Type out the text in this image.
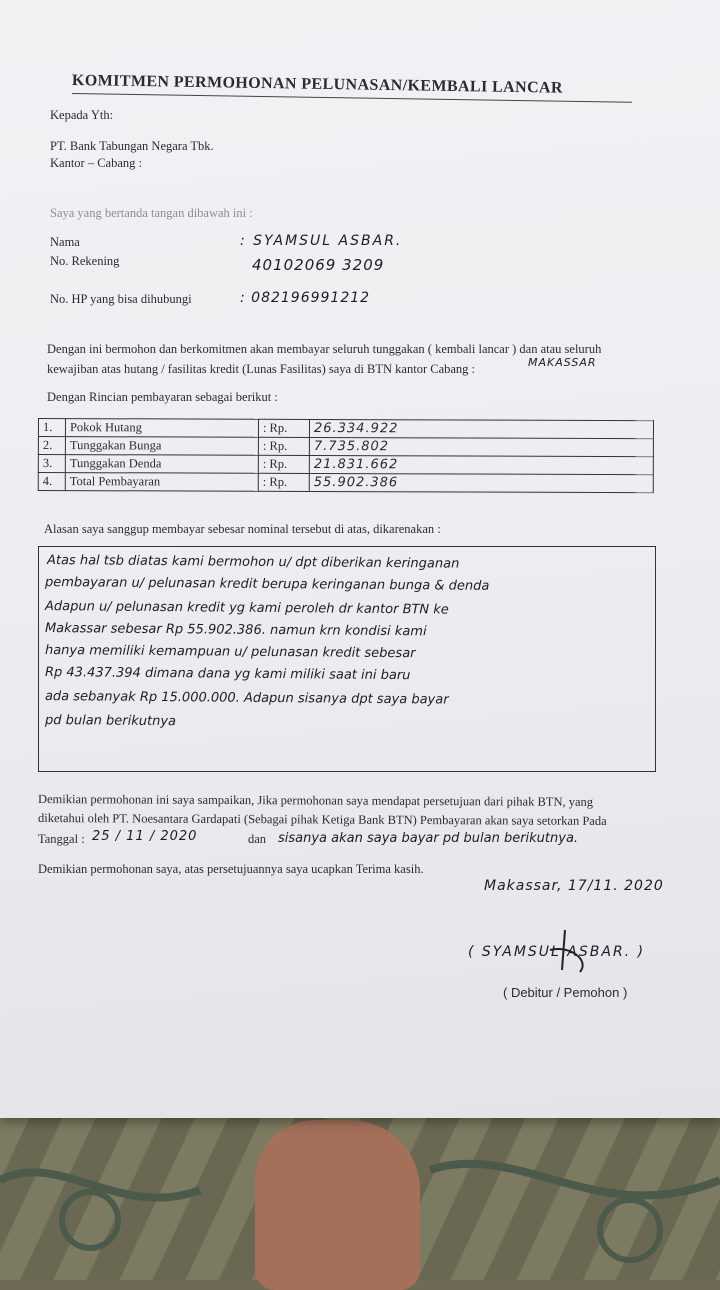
KOMITMEN PERMOHONAN PELUNASAN/KEMBALI LANCAR
Kepada Yth:
PT. Bank Tabungan Negara Tbk.
Kantor – Cabang :
Saya yang bertanda tangan dibawah ini :
Nama	: SYAMSUL ASBAR.
No. Rekening	40102069 3209
No. HP yang bisa dihubungi	: 082196991212
Dengan ini bermohon dan berkomitmen akan membayar seluruh tunggakan ( kembali lancar ) dan atau seluruh
kewajiban atas hutang / fasilitas kredit (Lunas Fasilitas) saya di BTN kantor Cabang :	MAKASSAR
Dengan Rincian pembayaran sebagai berikut :
1.	Pokok Hutang	: Rp.	26.334.922
2.	Tunggakan Bunga	: Rp.	7.735.802
3.	Tunggakan Denda	: Rp.	21.831.662
4.	Total Pembayaran	: Rp.	55.902.386
Alasan saya sanggup membayar sebesar nominal tersebut di atas, dikarenakan :
Atas hal tsb diatas kami bermohon u/ dpt diberikan keringanan
pembayaran u/ pelunasan kredit berupa keringanan bunga & denda
Adapun u/ pelunasan kredit yg kami peroleh dr kantor BTN ke
Makassar sebesar Rp 55.902.386. namun krn kondisi kami
hanya memiliki kemampuan u/ pelunasan kredit sebesar
Rp 43.437.394 dimana dana yg kami miliki saat ini baru
ada sebanyak Rp 15.000.000. Adapun sisanya dpt saya bayar
pd bulan berikutnya
Demikian permohonan ini saya sampaikan, Jika permohonan saya mendapat persetujuan dari pihak BTN, yang
diketahui oleh PT. Noesantara Gardapati (Sebagai pihak Ketiga Bank BTN) Pembayaran akan saya setorkan Pada
Tanggal : 25 / 11 / 2020	dan sisanya akan saya bayar pd bulan berikutnya.
Demikian permohonan saya, atas persetujuannya saya ucapkan Terima kasih.
Makassar, 17/11. 2020
( SYAMSUL ASBAR. )
( Debitur / Pemohon )
